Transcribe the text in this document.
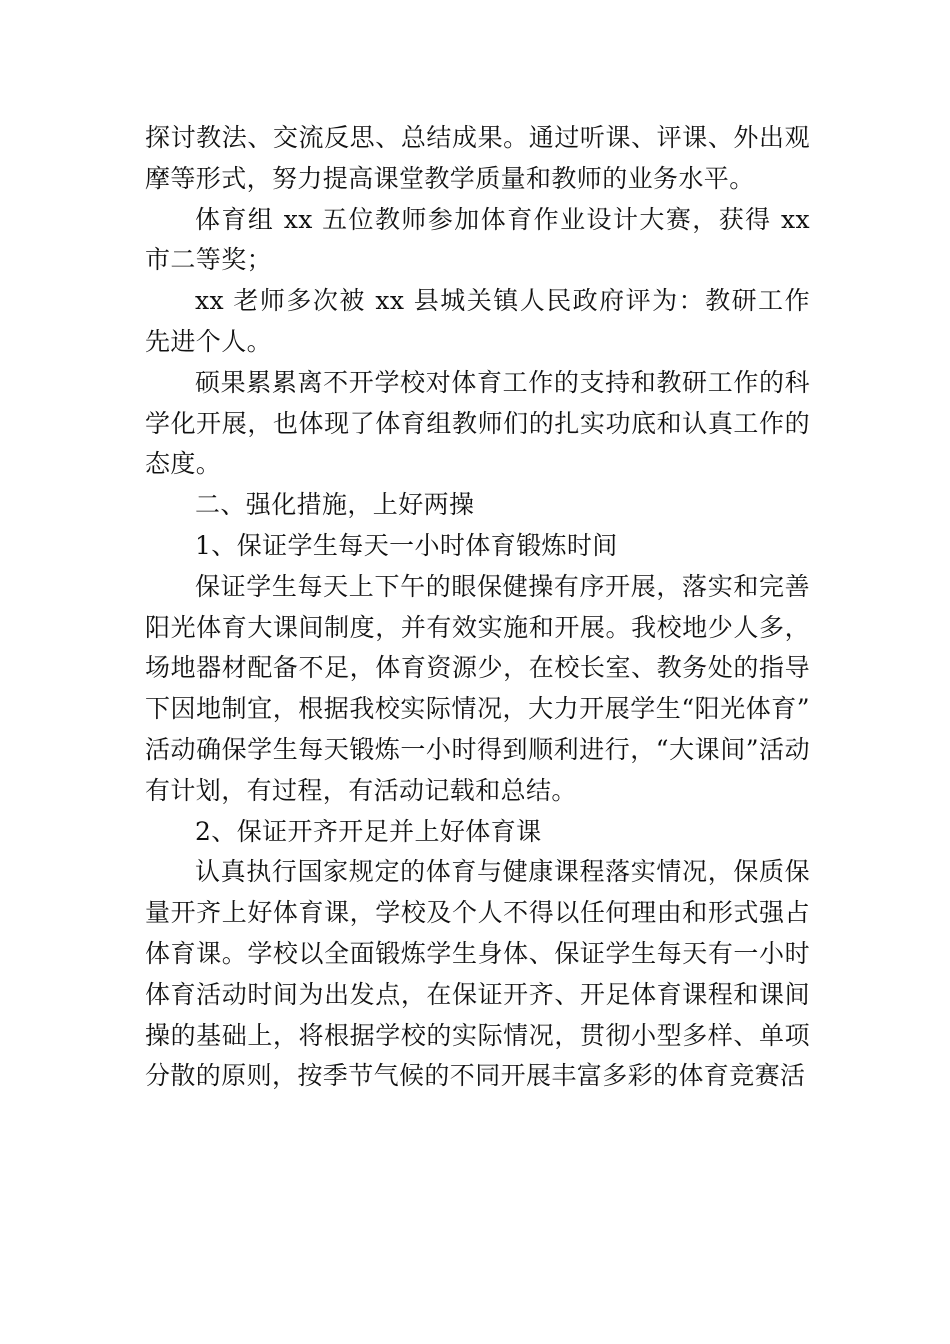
探讨教法、交流反思、总结成果。通过听课、评课、外出观摩等形式，努力提高课堂教学质量和教师的业务水平。

体育组 xx 五位教师参加体育作业设计大赛，获得 xx 市二等奖；

xx 老师多次被 xx 县城关镇人民政府评为：教研工作先进个人。

硕果累累离不开学校对体育工作的支持和教研工作的科学化开展，也体现了体育组教师们的扎实功底和认真工作的态度。

二、强化措施，上好两操

1、保证学生每天一小时体育锻炼时间

保证学生每天上下午的眼保健操有序开展，落实和完善阳光体育大课间制度，并有效实施和开展。我校地少人多， 场地器材配备不足，体育资源少，在校长室、教务处的指导下因地制宜，根据我校实际情况，大力开展学生“阳光体育” 活动确保学生每天锻炼一小时得到顺利进行，“大课间”活动有计划，有过程，有活动记载和总结。

2、保证开齐开足并上好体育课

认真执行国家规定的体育与健康课程落实情况，保质保量开齐上好体育课，学校及个人不得以任何理由和形式强占体育课。学校以全面锻炼学生身体、保证学生每天有一小时体育活动时间为出发点，在保证开齐、开足体育课程和课间操的基础上，将根据学校的实际情况，贯彻小型多样、单项分散的原则，按季节气候的不同开展丰富多彩的体育竞赛活
